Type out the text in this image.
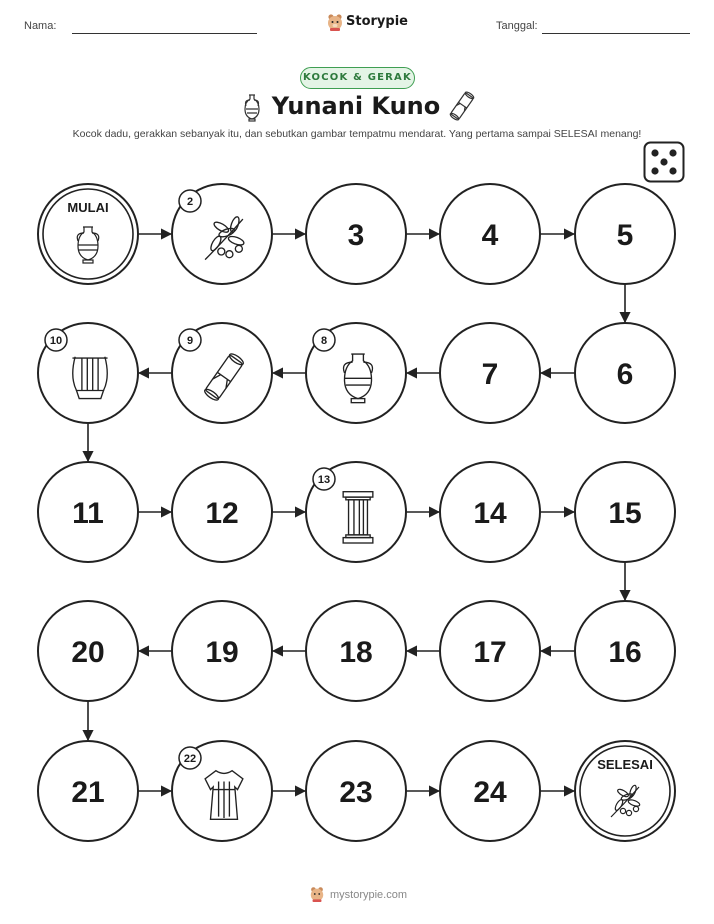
Nama:	Storypie	Tanggal:
KOCOK & GERAK
Yunani Kuno
Kocok dadu, gerakkan sebanyak itu, dan sebutkan gambar tempatmu mendarat. Yang pertama sampai SELESAI menang!
MULAI	2
3	4	5
6
7
8
9
10
11	12
13
14	15
16
17
18
19
20
21
22
23	24
SELESAI
mystorypie.com
